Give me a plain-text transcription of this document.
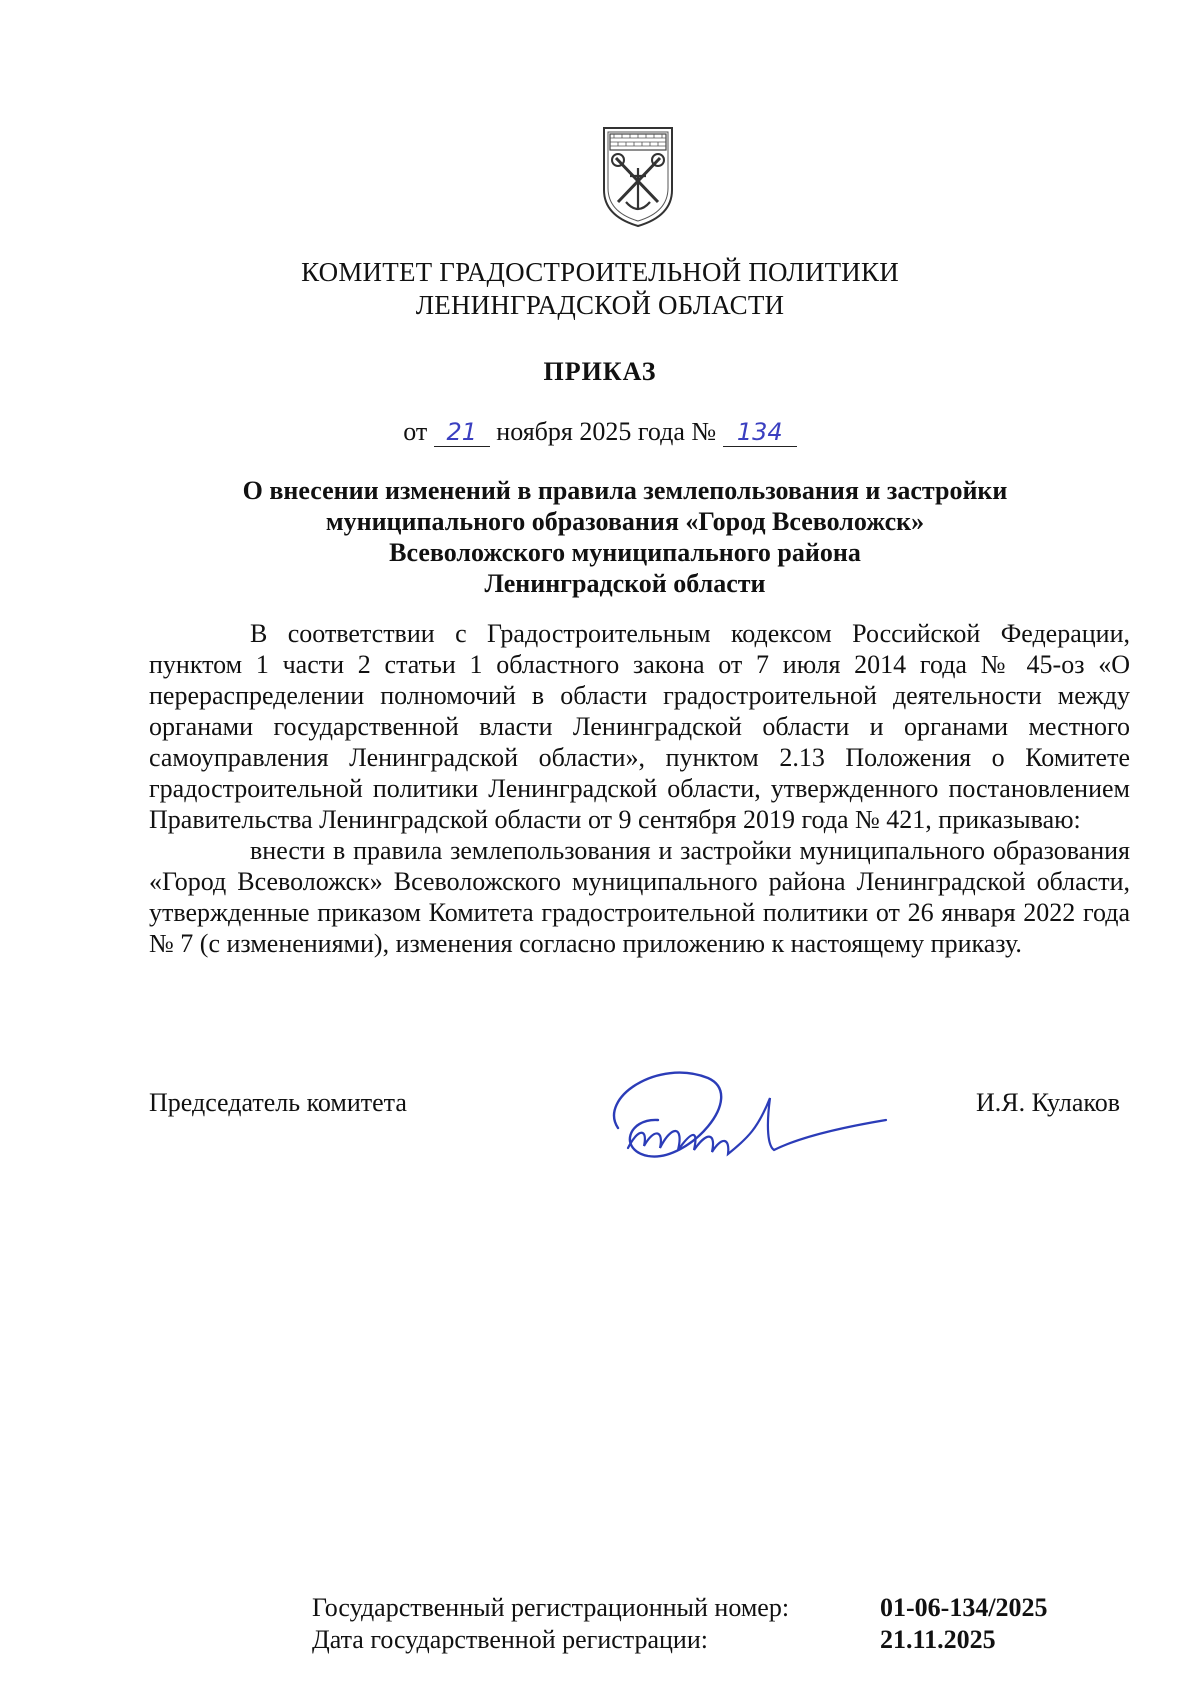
КОМИТЕТ ГРАДОСТРОИТЕЛЬНОЙ ПОЛИТИКИ
ЛЕНИНГРАДСКОЙ ОБЛАСТИ
ПРИКАЗ
от 21 ноября 2025 года № 134
О внесении изменений в правила землепользования и застройки
муниципального образования «Город Всеволожск»
Всеволожского муниципального района
Ленинградской области

В соответствии с Градостроительным кодексом Российской Федерации, пунктом 1 части 2 статьи 1 областного закона от 7 июля 2014 года № 45-оз «О перераспределении полномочий в области градостроительной деятельности между органами государственной власти Ленинградской области и органами местного самоуправления Ленинградской области», пунктом 2.13 Положения о Комитете градостроительной политики Ленинградской области, утвержденного постановлением Правительства Ленинградской области от 9 сентября 2019 года № 421, приказываю:

внести в правила землепользования и застройки муниципального образования «Город Всеволожск» Всеволожского муниципального района Ленинградской области, утвержденные приказом Комитета градостроительной политики от 26 января 2022 года № 7 (с изменениями), изменения согласно приложению к настоящему приказу.

Председатель комитета	И.Я. Кулаков
Государственный регистрационный номер:	01-06-134/2025
Дата государственной регистрации:	21.11.2025
